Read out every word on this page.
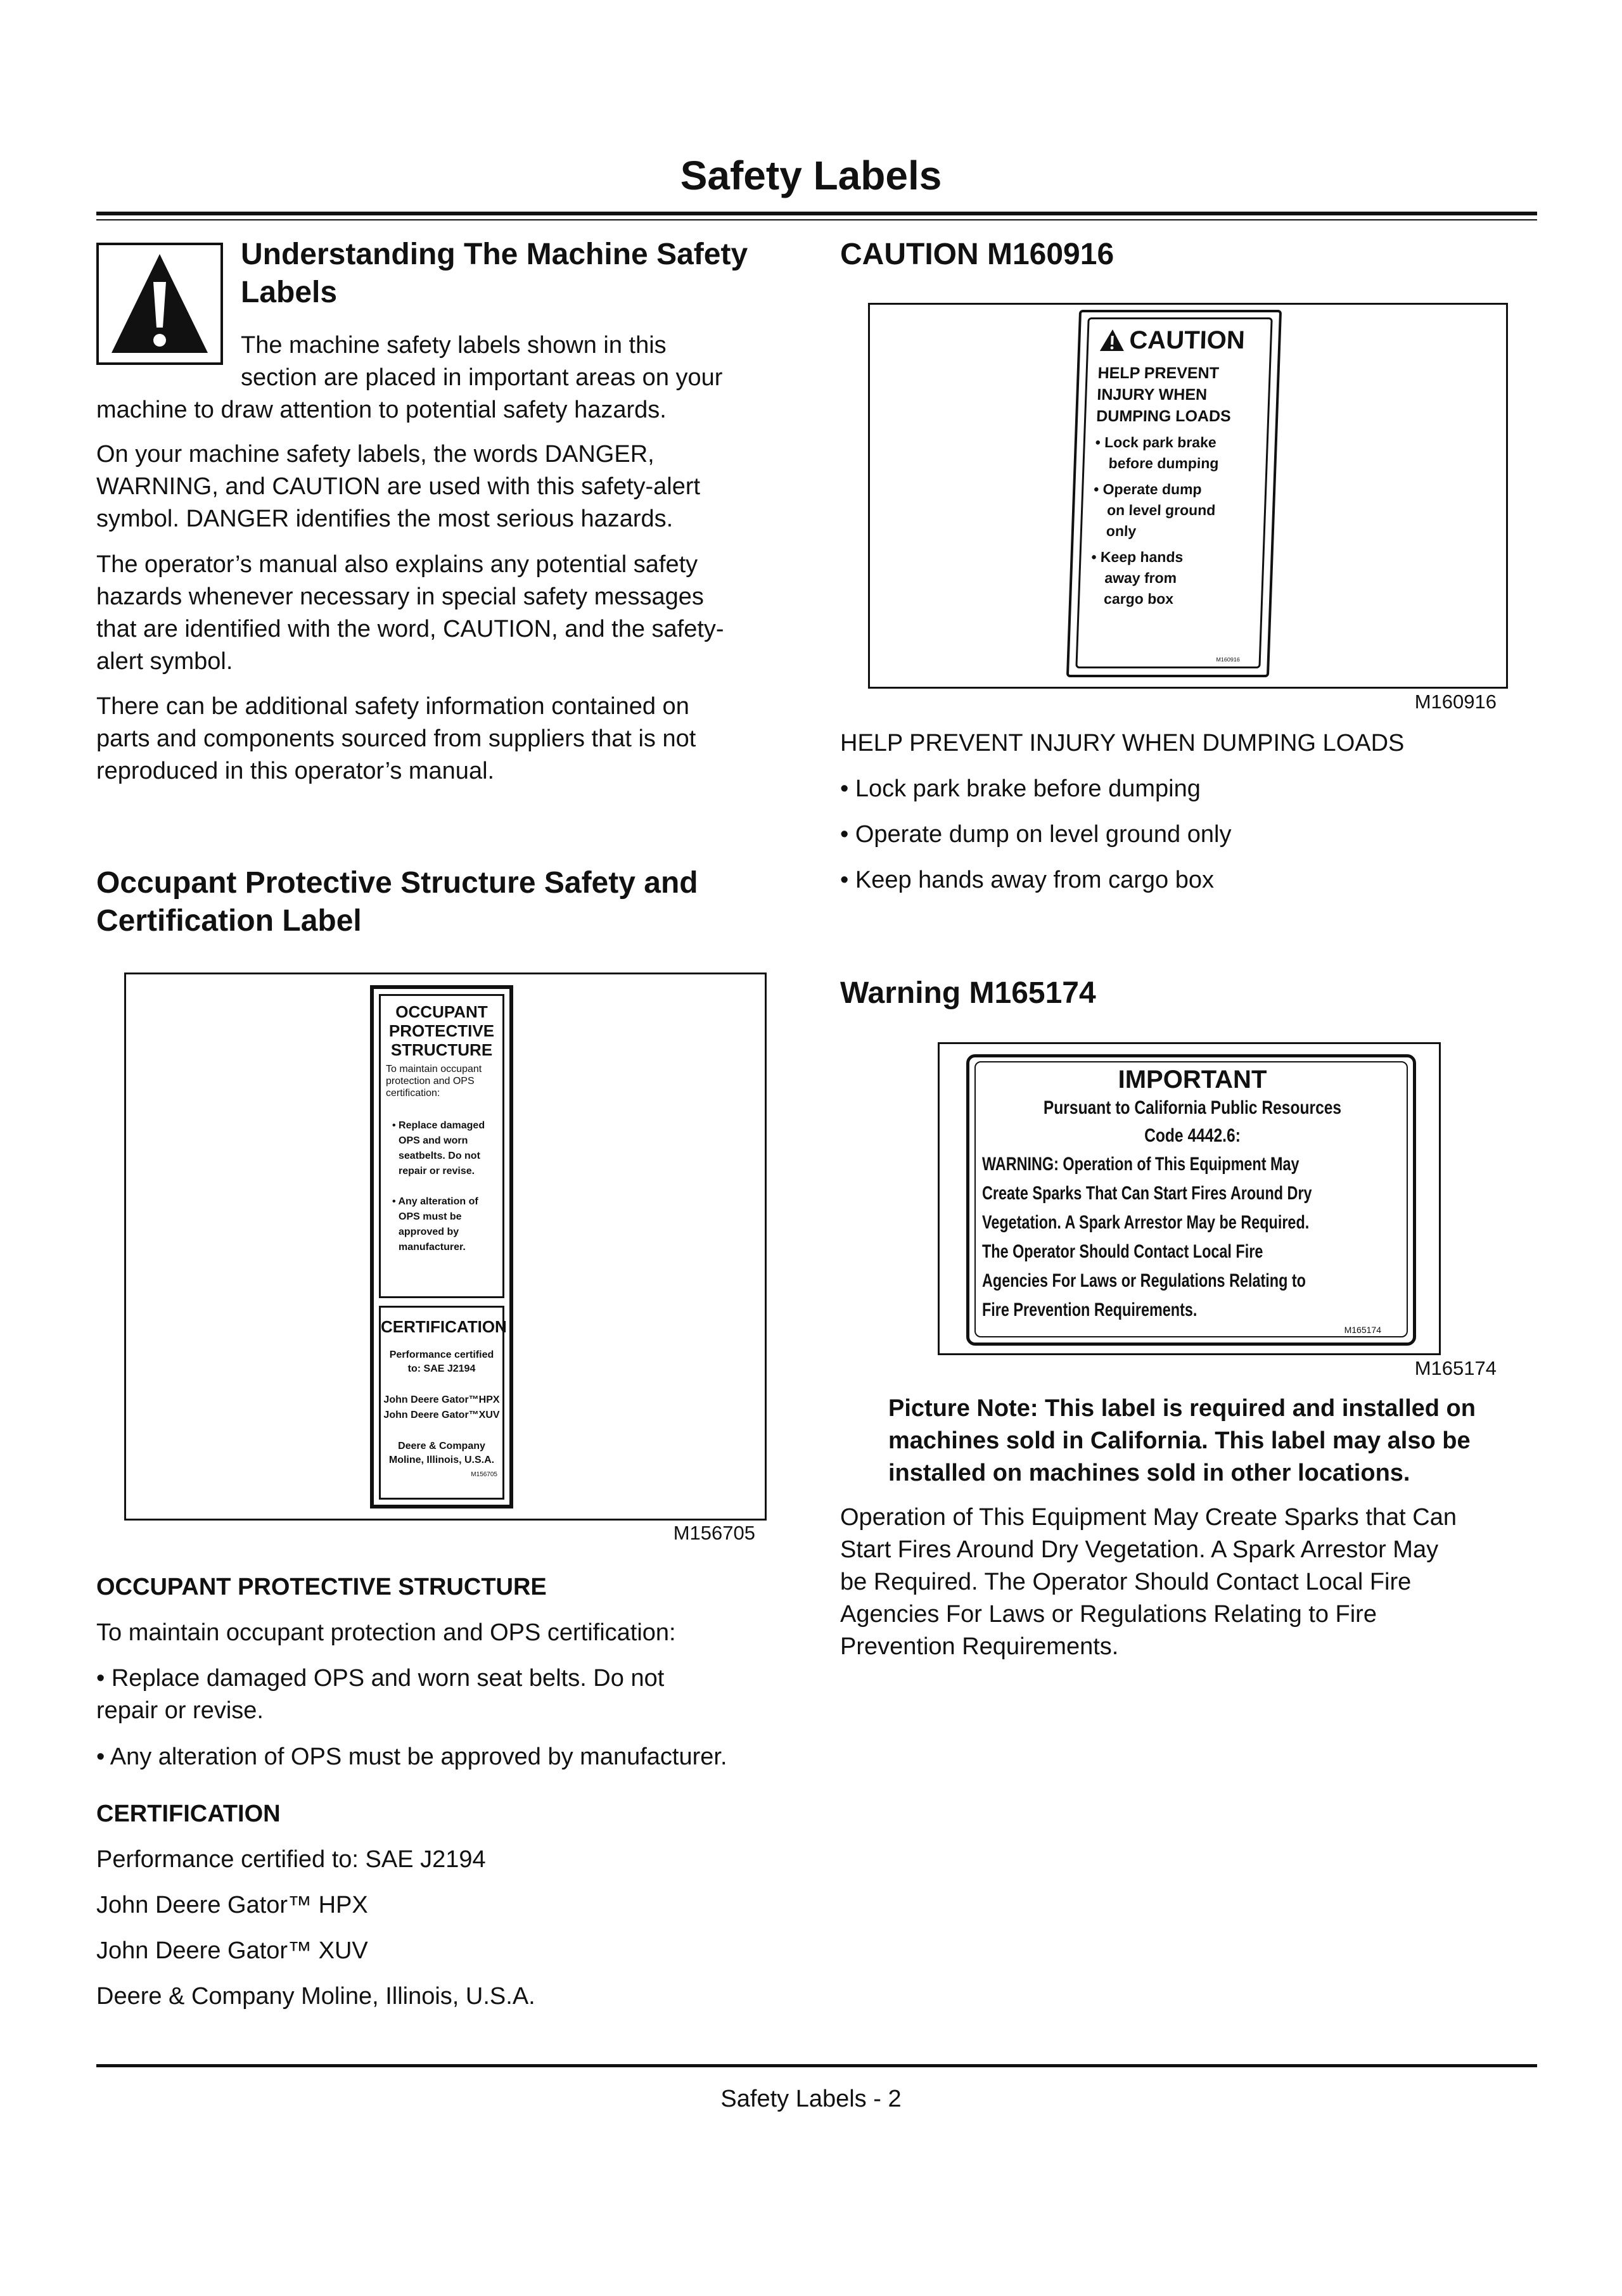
Safety Labels
Understanding The Machine Safety
Labels
The machine safety labels shown in this
section are placed in important areas on your
machine to draw attention to potential safety hazards.
On your machine safety labels, the words DANGER,
WARNING, and CAUTION are used with this safety-alert
symbol. DANGER identifies the most serious hazards.
The operator’s manual also explains any potential safety
hazards whenever necessary in special safety messages
that are identified with the word, CAUTION, and the safety-
alert symbol.
There can be additional safety information contained on
parts and components sourced from suppliers that is not
reproduced in this operator’s manual.
Occupant Protective Structure Safety and
Certification Label
OCCUPANT
PROTECTIVE
STRUCTURE
To maintain occupant
protection and OPS
certification:
• Replace damaged
OPS and worn
seatbelts. Do not
repair or revise.
• Any alteration of
OPS must be
approved by
manufacturer.
CERTIFICATION
Performance certified
to: SAE J2194
John Deere Gator™HPX
John Deere Gator™XUV
Deere & Company
Moline, Illinois, U.S.A.
M156705
M156705
OCCUPANT PROTECTIVE STRUCTURE
To maintain occupant protection and OPS certification:
• Replace damaged OPS and worn seat belts. Do not
repair or revise.
• Any alteration of OPS must be approved by manufacturer.
CERTIFICATION
Performance certified to: SAE J2194
John Deere Gator™ HPX
John Deere Gator™ XUV
Deere & Company Moline, Illinois, U.S.A.
CAUTION M160916
CAUTION
HELP PREVENT
INJURY WHEN
DUMPING LOADS
• Lock park brake
before dumping
• Operate dump
on level ground
only
• Keep hands
away from
cargo box
M160916
M160916
HELP PREVENT INJURY WHEN DUMPING LOADS
• Lock park brake before dumping
• Operate dump on level ground only
• Keep hands away from cargo box
Warning M165174
IMPORTANT
Pursuant to California Public Resources
Code 4442.6:
WARNING: Operation of This Equipment May
Create Sparks That Can Start Fires Around Dry
Vegetation. A Spark Arrestor May be Required.
The Operator Should Contact Local Fire
Agencies For Laws or Regulations Relating to
Fire Prevention Requirements.
M165174
M165174
Picture Note: This label is required and installed on
machines sold in California. This label may also be
installed on machines sold in other locations.
Operation of This Equipment May Create Sparks that Can
Start Fires Around Dry Vegetation. A Spark Arrestor May
be Required. The Operator Should Contact Local Fire
Agencies For Laws or Regulations Relating to Fire
Prevention Requirements.
Safety Labels - 2
